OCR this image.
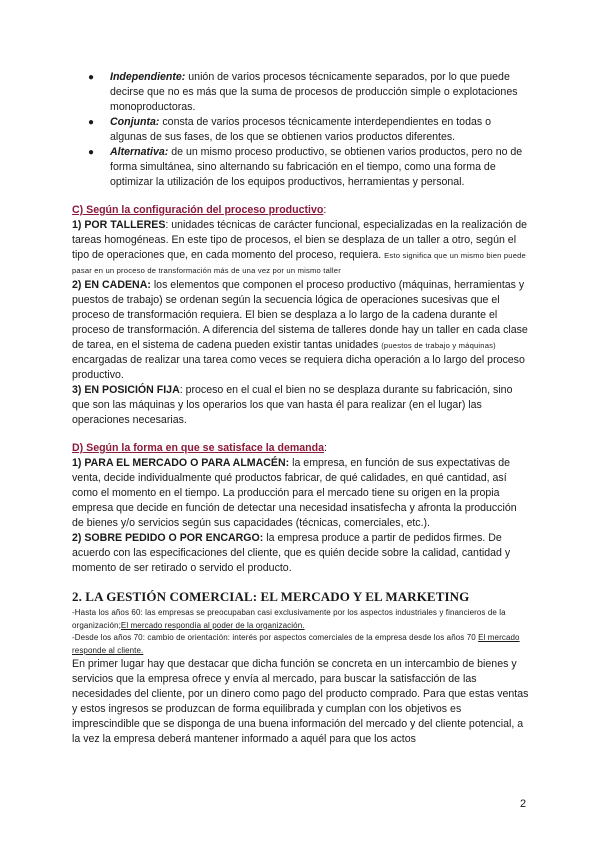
● Independiente: unión de varios procesos técnicamente separados, por lo que puede decirse que no es más que la suma de procesos de producción simple o explotaciones monoproductoras.
● Conjunta: consta de varios procesos técnicamente interdependientes en todas o algunas de sus fases, de los que se obtienen varios productos diferentes.
● Alternativa: de un mismo proceso productivo, se obtienen varios productos, pero no de forma simultánea, sino alternando su fabricación en el tiempo, como una forma de optimizar la utilización de los equipos productivos, herramientas y personal.
C) Según la configuración del proceso productivo:

1) POR TALLERES: unidades técnicas de carácter funcional, especializadas en la realización de tareas homogéneas. En este tipo de procesos, el bien se desplaza de un taller a otro, según el tipo de operaciones que, en cada momento del proceso, requiera. Esto significa que un mismo bien puede pasar en un proceso de transformación más de una vez por un mismo taller

2) EN CADENA: los elementos que componen el proceso productivo (máquinas, herramientas y puestos de trabajo) se ordenan según la secuencia lógica de operaciones sucesivas que el proceso de transformación requiera. El bien se desplaza a lo largo de la cadena durante el proceso de transformación. A diferencia del sistema de talleres donde hay un taller en cada clase de tarea, en el sistema de cadena pueden existir tantas unidades (puestos de trabajo y máquinas) encargadas de realizar una tarea como veces se requiera dicha operación a lo largo del proceso productivo.

3) EN POSICIÓN FIJA: proceso en el cual el bien no se desplaza durante su fabricación, sino que son las máquinas y los operarios los que van hasta él para realizar (en el lugar) las operaciones necesarias.

D) Según la forma en que se satisface la demanda:

1) PARA EL MERCADO O PARA ALMACÉN: la empresa, en función de sus expectativas de venta, decide individualmente qué productos fabricar, de qué calidades, en qué cantidad, así como el momento en el tiempo. La producción para el mercado tiene su origen en la propia empresa que decide en función de detectar una necesidad insatisfecha y afronta la producción de bienes y/o servicios según sus capacidades (técnicas, comerciales, etc.).

2) SOBRE PEDIDO O POR ENCARGO: la empresa produce a partir de pedidos firmes. De acuerdo con las especificaciones del cliente, que es quién decide sobre la calidad, cantidad y momento de ser retirado o servido el producto.

2. LA GESTIÓN COMERCIAL: EL MERCADO Y EL MARKETING

-Hasta los años 60: las empresas se preocupaban casi exclusivamente por los aspectos industriales y financieros de la organización;El mercado respondía al poder de la organización.

-Desde los años 70: cambio de orientación: interés por aspectos comerciales de la empresa desde los años 70 El mercado responde al cliente.

En primer lugar hay que destacar que dicha función se concreta en un intercambio de bienes y servicios que la empresa ofrece y envía al mercado, para buscar la satisfacción de las necesidades del cliente, por un dinero como pago del producto comprado. Para que estas ventas y estos ingresos se produzcan de forma equilibrada y cumplan con los objetivos es imprescindible que se disponga de una buena información del mercado y del cliente potencial, a la vez la empresa deberá mantener informado a aquél para que los actos

2
